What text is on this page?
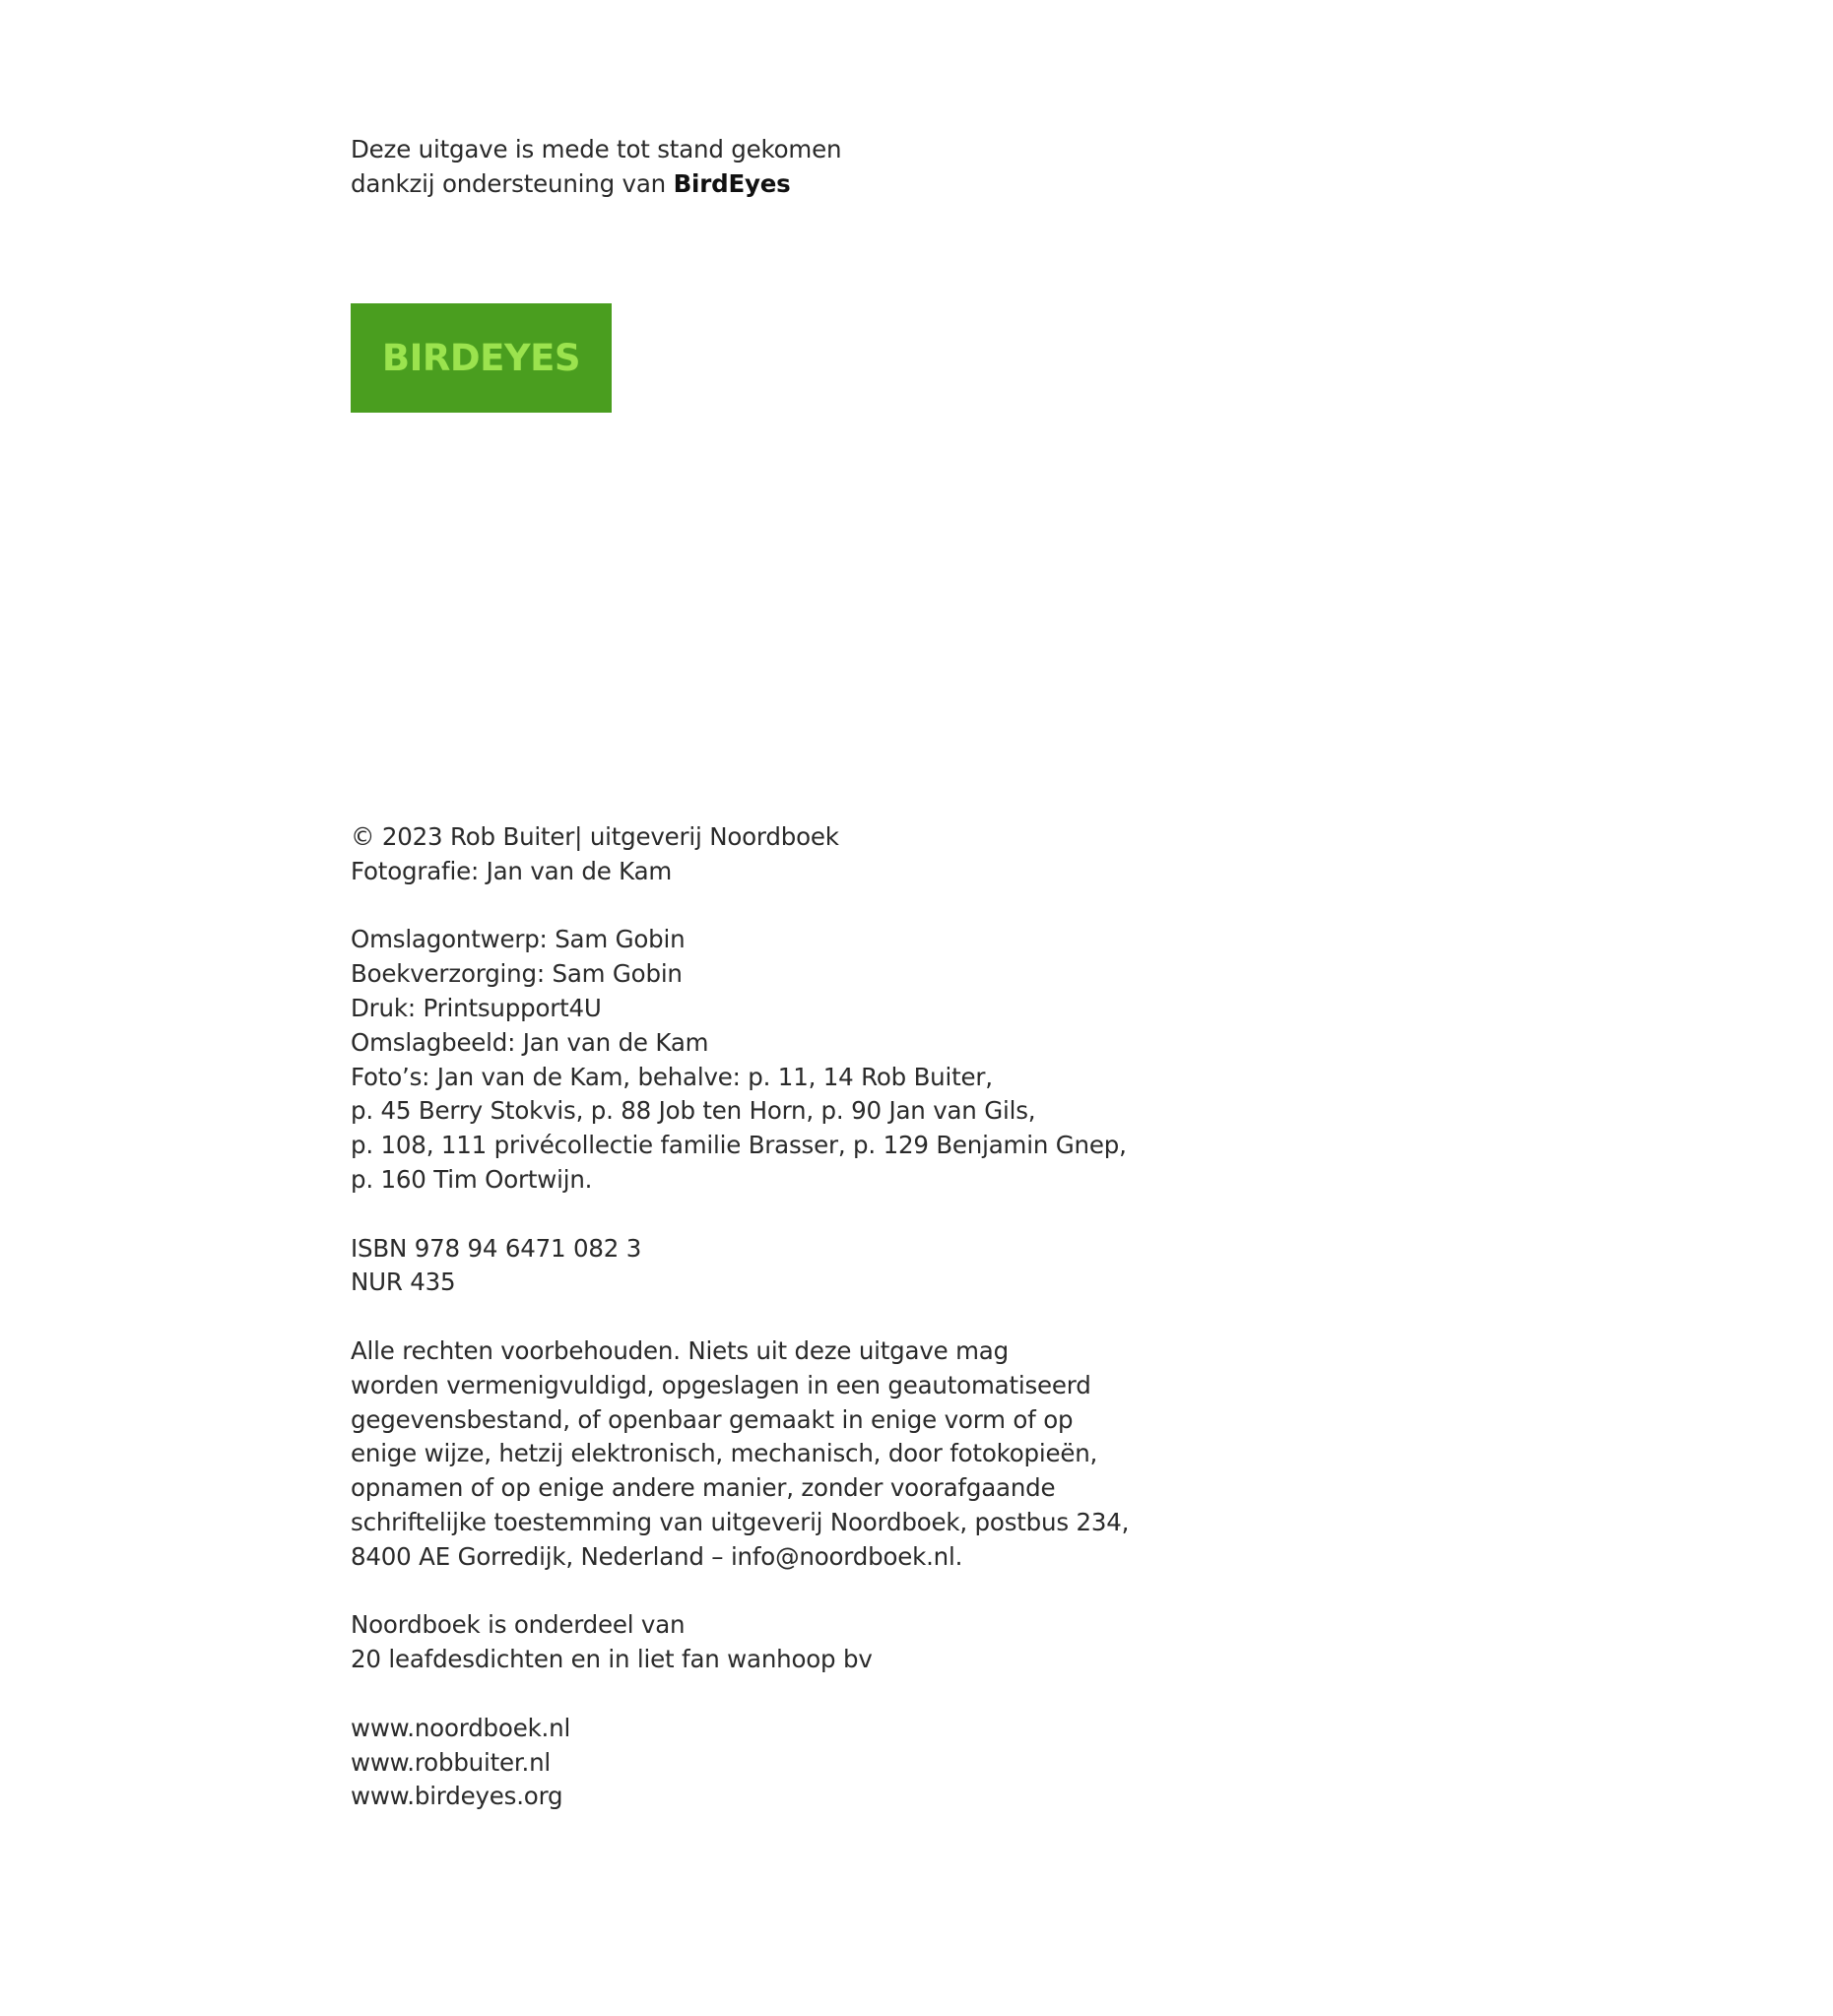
Deze uitgave is mede tot stand gekomen
dankzij ondersteuning van BirdEyes
BIRDEYES
© 2023 Rob Buiter| uitgeverij Noordboek
Fotografie: Jan van de Kam
Omslagontwerp: Sam Gobin
Boekverzorging: Sam Gobin
Druk: Printsupport4U
Omslagbeeld: Jan van de Kam
Foto’s: Jan van de Kam, behalve: p. 11, 14 Rob Buiter,
p. 45 Berry Stokvis, p. 88 Job ten Horn, p. 90 Jan van Gils,
p. 108, 111 privécollectie familie Brasser, p. 129 Benjamin Gnep,
p. 160 Tim Oortwijn.
ISBN 978 94 6471 082 3
NUR 435
Alle rechten voorbehouden. Niets uit deze uitgave mag
worden vermenigvuldigd, opgeslagen in een geautomatiseerd
gegevensbestand, of openbaar gemaakt in enige vorm of op
enige wijze, hetzij elektronisch, mechanisch, door fotokopieën,
opnamen of op enige andere manier, zonder voorafgaande
schriftelijke toestemming van uitgeverij Noordboek, postbus 234,
8400 AE Gorredijk, Nederland – info@noordboek.nl.
Noordboek is onderdeel van
20 leafdesdichten en in liet fan wanhoop bv
www.noordboek.nl
www.robbuiter.nl
www.birdeyes.org
